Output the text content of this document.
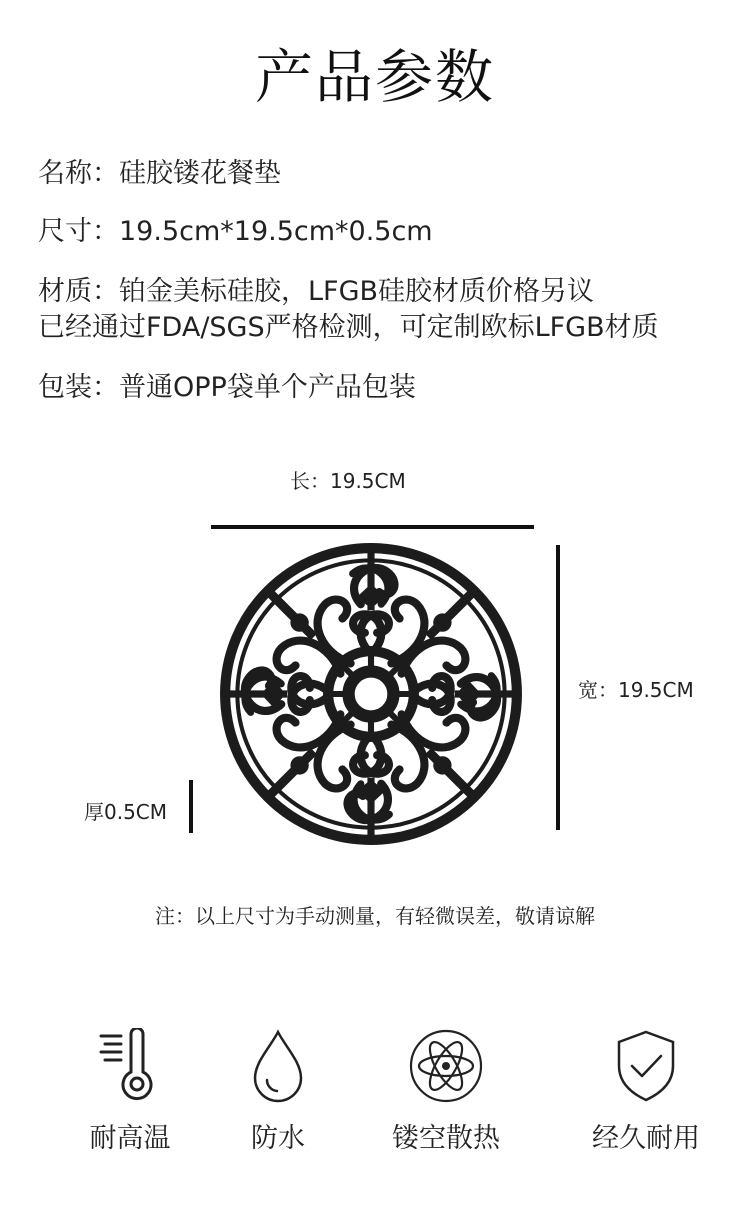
产品参数
名称：硅胶镂花餐垫
尺寸：19.5cm*19.5cm*0.5cm
材质：铂金美标硅胶，LFGB硅胶材质价格另议
已经通过FDA/SGS严格检测，可定制欧标LFGB材质
包装：普通OPP袋单个产品包装
长：19.5CM
宽：19.5CM
厚0.5CM
注：以上尺寸为手动测量，有轻微误差，敬请谅解
耐高温	防水	镂空散热	经久耐用
